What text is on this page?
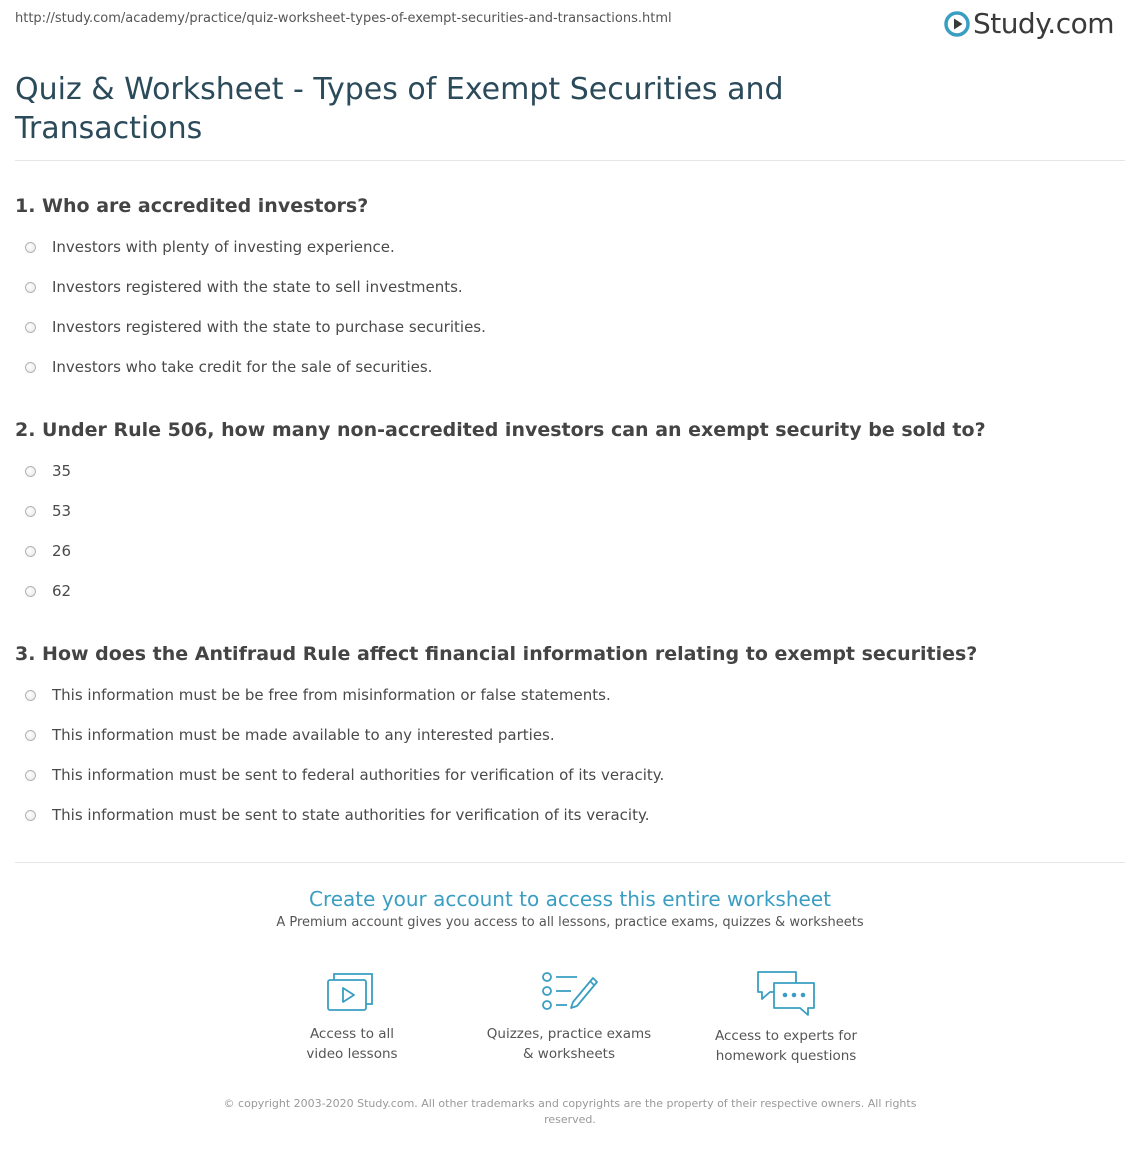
http://study.com/academy/practice/quiz-worksheet-types-of-exempt-securities-and-transactions.html	Study.com
Quiz & Worksheet - Types of Exempt Securities and Transactions
1. Who are accredited investors?
Investors with plenty of investing experience.
Investors registered with the state to sell investments.
Investors registered with the state to purchase securities.
Investors who take credit for the sale of securities.
2. Under Rule 506, how many non-accredited investors can an exempt security be sold to?
35
53
26
62
3. How does the Antifraud Rule affect financial information relating to exempt securities?
This information must be be free from misinformation or false statements.
This information must be made available to any interested parties.
This information must be sent to federal authorities for verification of its veracity.
This information must be sent to state authorities for verification of its veracity.
Create your account to access this entire worksheet
A Premium account gives you access to all lessons, practice exams, quizzes & worksheets
Access to all
video lessons
Quizzes, practice exams
& worksheets
Access to experts for
homework questions
© copyright 2003-2020 Study.com. All other trademarks and copyrights are the property of their respective owners. All rights reserved.
